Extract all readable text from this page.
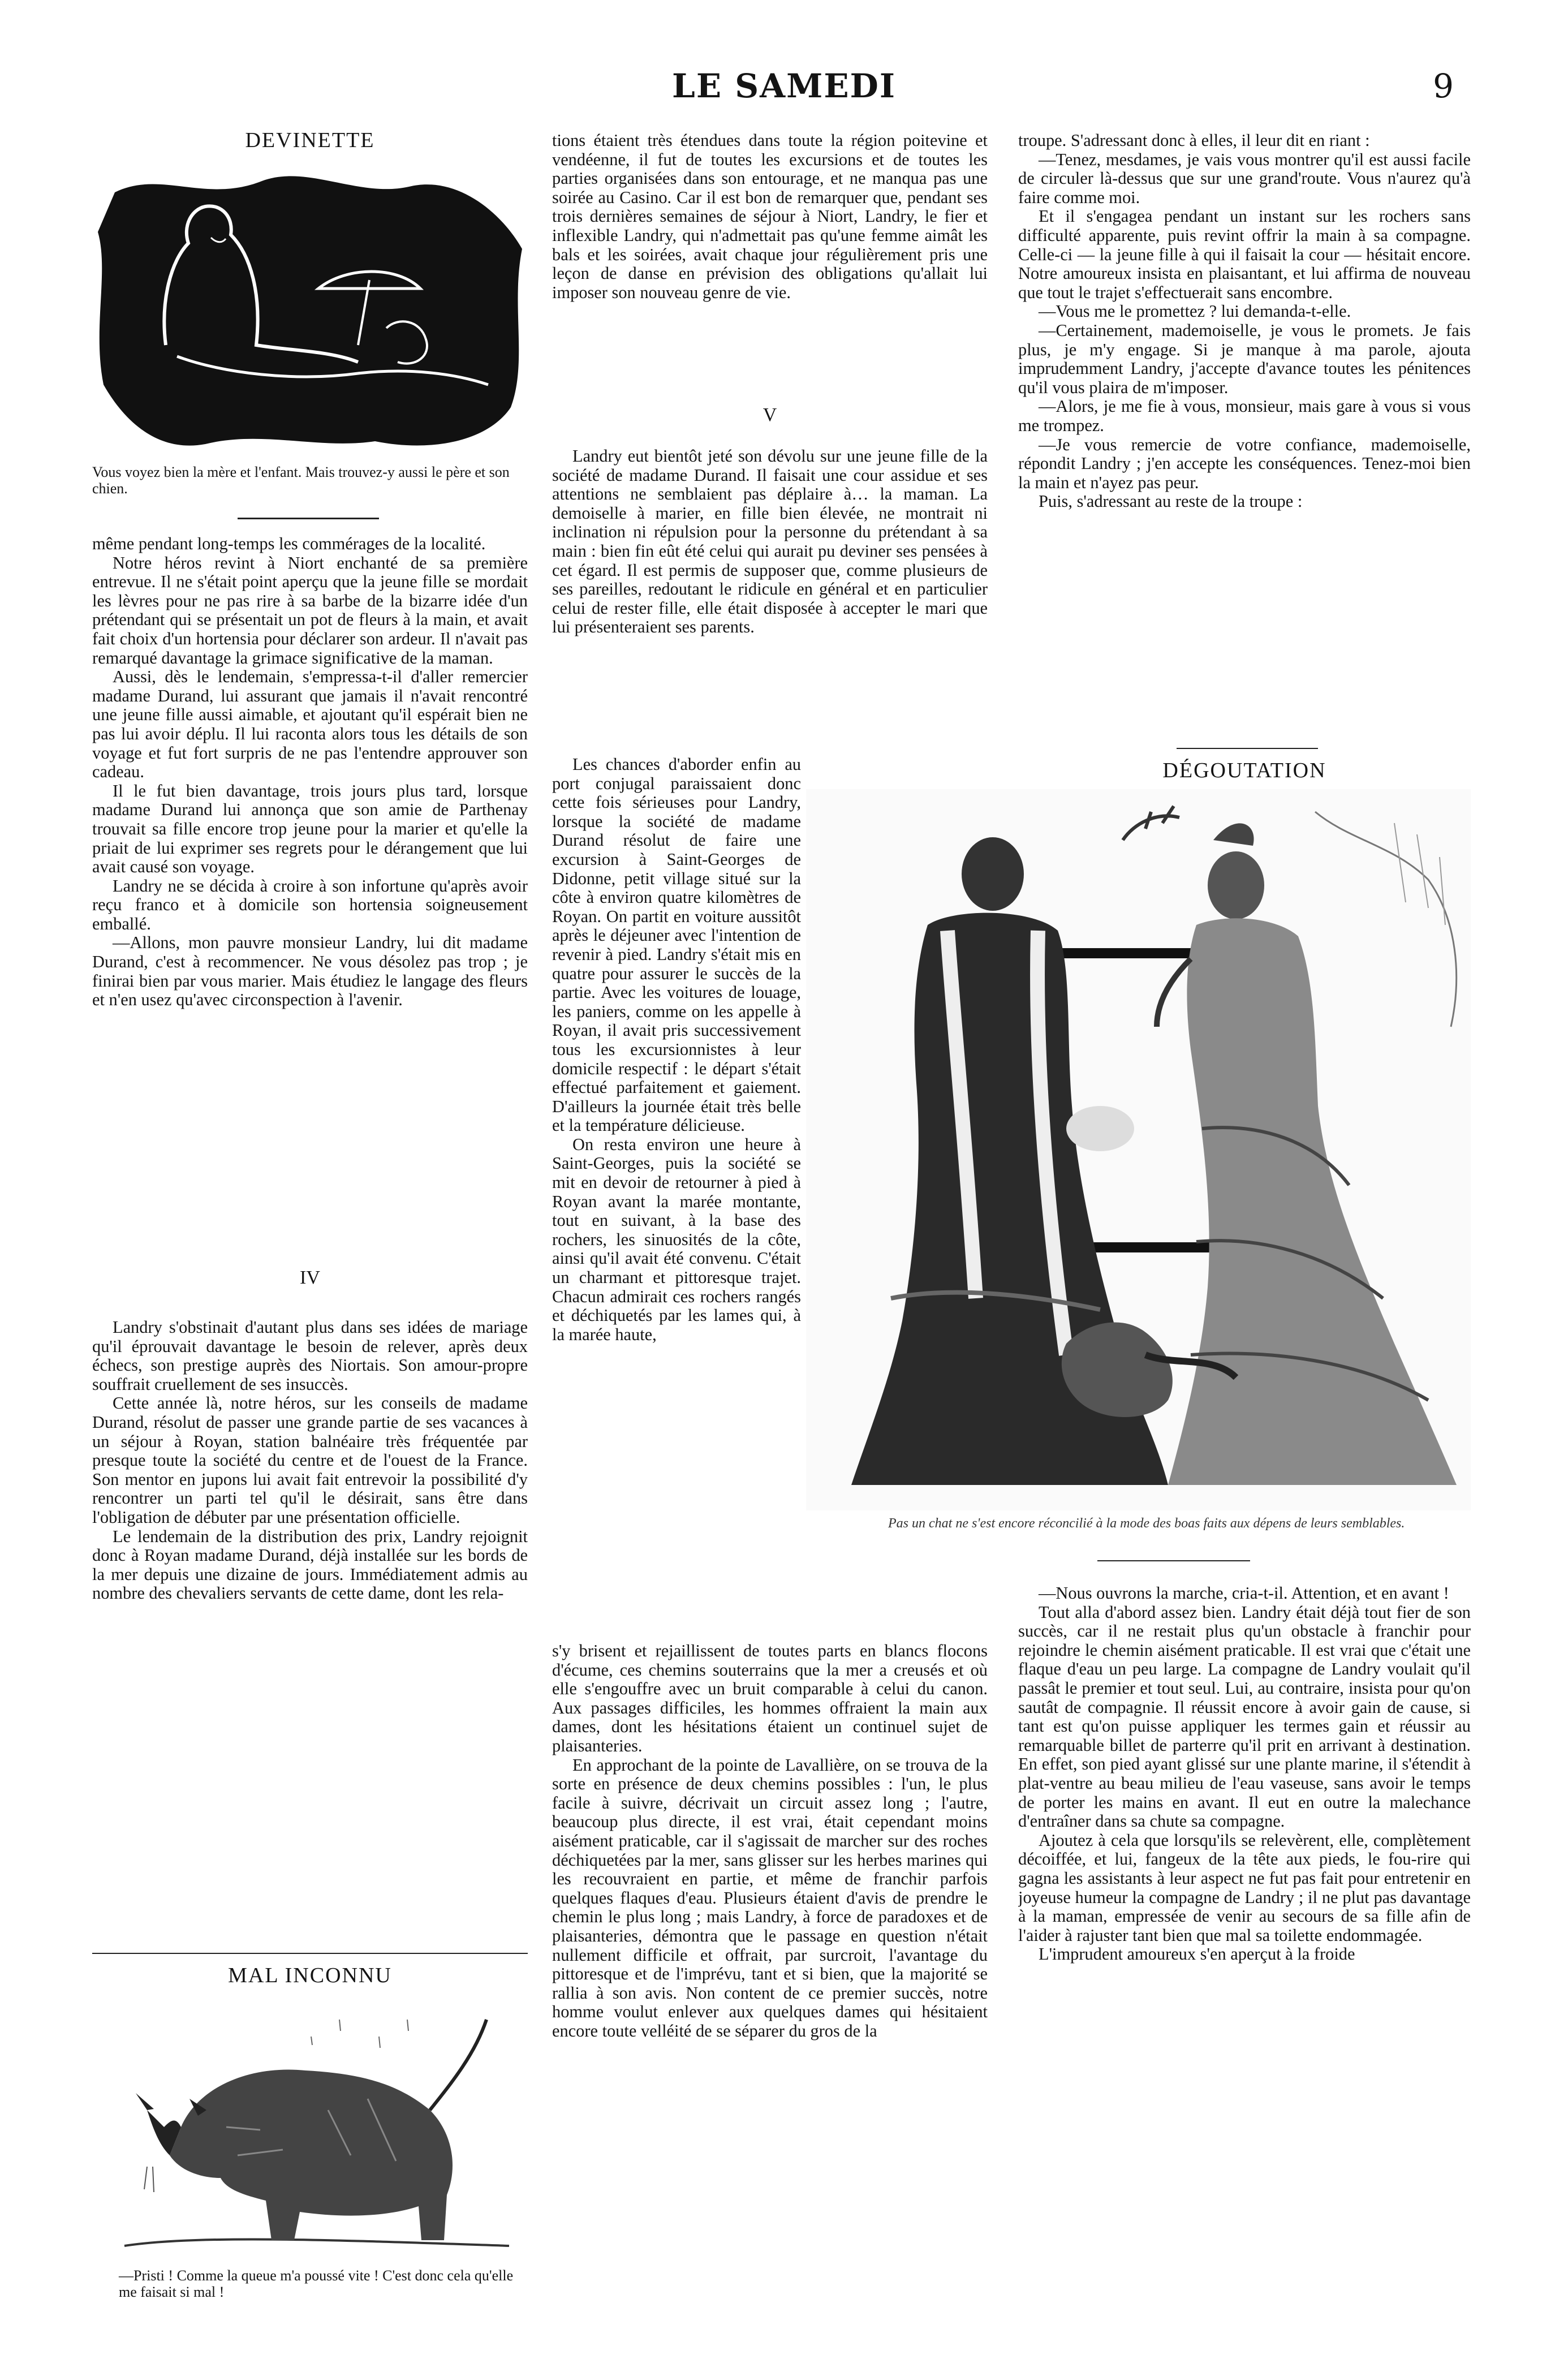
LE SAMEDI	9
DEVINETTE
Vous voyez bien la mère et l'enfant. Mais trouvez-y aussi le père et son chien.

même pendant long-temps les commérages de la localité.

Notre héros revint à Niort enchanté de sa première entrevue. Il ne s'était point aperçu que la jeune fille se mordait les lèvres pour ne pas rire à sa barbe de la bizarre idée d'un prétendant qui se présentait un pot de fleurs à la main, et avait fait choix d'un hortensia pour déclarer son ardeur. Il n'avait pas remarqué davantage la grimace significative de la maman.

Aussi, dès le lendemain, s'empressa-t-il d'aller remercier madame Durand, lui assurant que jamais il n'avait rencontré une jeune fille aussi aimable, et ajoutant qu'il espérait bien ne pas lui avoir déplu. Il lui raconta alors tous les détails de son voyage et fut fort surpris de ne pas l'entendre approuver son cadeau.

Il le fut bien davantage, trois jours plus tard, lorsque madame Durand lui annonça que son amie de Parthenay trouvait sa fille encore trop jeune pour la marier et qu'elle la priait de lui exprimer ses regrets pour le dérangement que lui avait causé son voyage.

Landry ne se décida à croire à son infortune qu'après avoir reçu franco et à domicile son hortensia soigneusement emballé.

—Allons, mon pauvre monsieur Landry, lui dit madame Durand, c'est à recommencer. Ne vous désolez pas trop ; je finirai bien par vous marier. Mais étudiez le langage des fleurs et n'en usez qu'avec circonspection à l'avenir.

IV

Landry s'obstinait d'autant plus dans ses idées de mariage qu'il éprouvait davantage le besoin de relever, après deux échecs, son prestige auprès des Niortais. Son amour-propre souffrait cruellement de ses insuccès.

Cette année là, notre héros, sur les conseils de madame Durand, résolut de passer une grande partie de ses vacances à un séjour à Royan, station balnéaire très fréquentée par presque toute la société du centre et de l'ouest de la France. Son mentor en jupons lui avait fait entrevoir la possibilité d'y rencontrer un parti tel qu'il le désirait, sans être dans l'obligation de débuter par une présentation officielle.

Le lendemain de la distribution des prix, Landry rejoignit donc à Royan madame Durand, déjà installée sur les bords de la mer depuis une dizaine de jours. Immédiatement admis au nombre des chevaliers servants de cette dame, dont les rela-

MAL INCONNU
—Pristi ! Comme la queue m'a poussé vite ! C'est donc cela qu'elle me faisait si mal !

tions étaient très étendues dans toute la région poitevine et vendéenne, il fut de toutes les excursions et de toutes les parties organisées dans son entourage, et ne manqua pas une soirée au Casino. Car il est bon de remarquer que, pendant ses trois dernières semaines de séjour à Niort, Landry, le fier et inflexible Landry, qui n'admettait pas qu'une femme aimât les bals et les soirées, avait chaque jour régulièrement pris une leçon de danse en prévision des obligations qu'allait lui imposer son nouveau genre de vie.

V

Landry eut bientôt jeté son dévolu sur une jeune fille de la société de madame Durand. Il faisait une cour assidue et ses attentions ne semblaient pas déplaire à… la maman. La demoiselle à marier, en fille bien élevée, ne montrait ni inclination ni répulsion pour la personne du prétendant à sa main : bien fin eût été celui qui aurait pu deviner ses pensées à cet égard. Il est permis de supposer que, comme plusieurs de ses pareilles, redoutant le ridicule en général et en particulier celui de rester fille, elle était disposée à accepter le mari que lui présenteraient ses parents.

Les chances d'aborder enfin au port conjugal paraissaient donc cette fois sérieuses pour Landry, lorsque la société de madame Durand résolut de faire une excursion à Saint-Georges de Didonne, petit village situé sur la côte à environ quatre kilomètres de Royan. On partit en voiture aussitôt après le déjeuner avec l'intention de revenir à pied. Landry s'était mis en quatre pour assurer le succès de la partie. Avec les voitures de louage, les paniers, comme on les appelle à Royan, il avait pris successivement tous les excursionnistes à leur domicile respectif : le départ s'était effectué parfaitement et gaiement. D'ailleurs la journée était très belle et la température délicieuse.

On resta environ une heure à Saint-Georges, puis la société se mit en devoir de retourner à pied à Royan avant la marée montante, tout en suivant, à la base des rochers, les sinuosités de la côte, ainsi qu'il avait été convenu. C'était un charmant et pittoresque trajet. Chacun admirait ces rochers rangés et déchiquetés par les lames qui, à la marée haute,

s'y brisent et rejaillissent de toutes parts en blancs flocons d'écume, ces chemins souterrains que la mer a creusés et où elle s'engouffre avec un bruit comparable à celui du canon. Aux passages difficiles, les hommes offraient la main aux dames, dont les hésitations étaient un continuel sujet de plaisanteries.

En approchant de la pointe de Lavallière, on se trouva de la sorte en présence de deux chemins possibles : l'un, le plus facile à suivre, décrivait un circuit assez long ; l'autre, beaucoup plus directe, il est vrai, était cependant moins aisément praticable, car il s'agissait de marcher sur des roches déchiquetées par la mer, sans glisser sur les herbes marines qui les recouvraient en partie, et même de franchir parfois quelques flaques d'eau. Plusieurs étaient d'avis de prendre le chemin le plus long ; mais Landry, à force de paradoxes et de plaisanteries, démontra que le passage en question n'était nullement difficile et offrait, par surcroit, l'avantage du pittoresque et de l'imprévu, tant et si bien, que la majorité se rallia à son avis. Non content de ce premier succès, notre homme voulut enlever aux quelques dames qui hésitaient encore toute velléité de se séparer du gros de la

troupe. S'adressant donc à elles, il leur dit en riant :

—Tenez, mesdames, je vais vous montrer qu'il est aussi facile de circuler là-dessus que sur une grand'route. Vous n'aurez qu'à faire comme moi.

Et il s'engagea pendant un instant sur les rochers sans difficulté apparente, puis revint offrir la main à sa compagne. Celle-ci — la jeune fille à qui il faisait la cour — hésitait encore. Notre amoureux insista en plaisantant, et lui affirma de nouveau que tout le trajet s'effectuerait sans encombre.

—Vous me le promettez ? lui demanda-t-elle.

—Certainement, mademoiselle, je vous le promets. Je fais plus, je m'y engage. Si je manque à ma parole, ajouta imprudemment Landry, j'accepte d'avance toutes les pénitences qu'il vous plaira de m'imposer.

—Alors, je me fie à vous, monsieur, mais gare à vous si vous me trompez.

—Je vous remercie de votre confiance, mademoiselle, répondit Landry ; j'en accepte les conséquences. Tenez-moi bien la main et n'ayez pas peur.

Puis, s'adressant au reste de la troupe :

DÉGOUTATION
Pas un chat ne s'est encore réconcilié à la mode des boas faits aux dépens de leurs semblables.

—Nous ouvrons la marche, cria-t-il. Attention, et en avant !

Tout alla d'abord assez bien. Landry était déjà tout fier de son succès, car il ne restait plus qu'un obstacle à franchir pour rejoindre le chemin aisément praticable. Il est vrai que c'était une flaque d'eau un peu large. La compagne de Landry voulait qu'il passât le premier et tout seul. Lui, au contraire, insista pour qu'on sautât de compagnie. Il réussit encore à avoir gain de cause, si tant est qu'on puisse appliquer les termes gain et réussir au remarquable billet de parterre qu'il prit en arrivant à destination. En effet, son pied ayant glissé sur une plante marine, il s'étendit à plat-ventre au beau milieu de l'eau vaseuse, sans avoir le temps de porter les mains en avant. Il eut en outre la malechance d'entraîner dans sa chute sa compagne.

Ajoutez à cela que lorsqu'ils se relevèrent, elle, complètement décoiffée, et lui, fangeux de la tête aux pieds, le fou-rire qui gagna les assistants à leur aspect ne fut pas fait pour entretenir en joyeuse humeur la compagne de Landry ; il ne plut pas davantage à la maman, empressée de venir au secours de sa fille afin de l'aider à rajuster tant bien que mal sa toilette endommagée.

L'imprudent amoureux s'en aperçut à la froide
